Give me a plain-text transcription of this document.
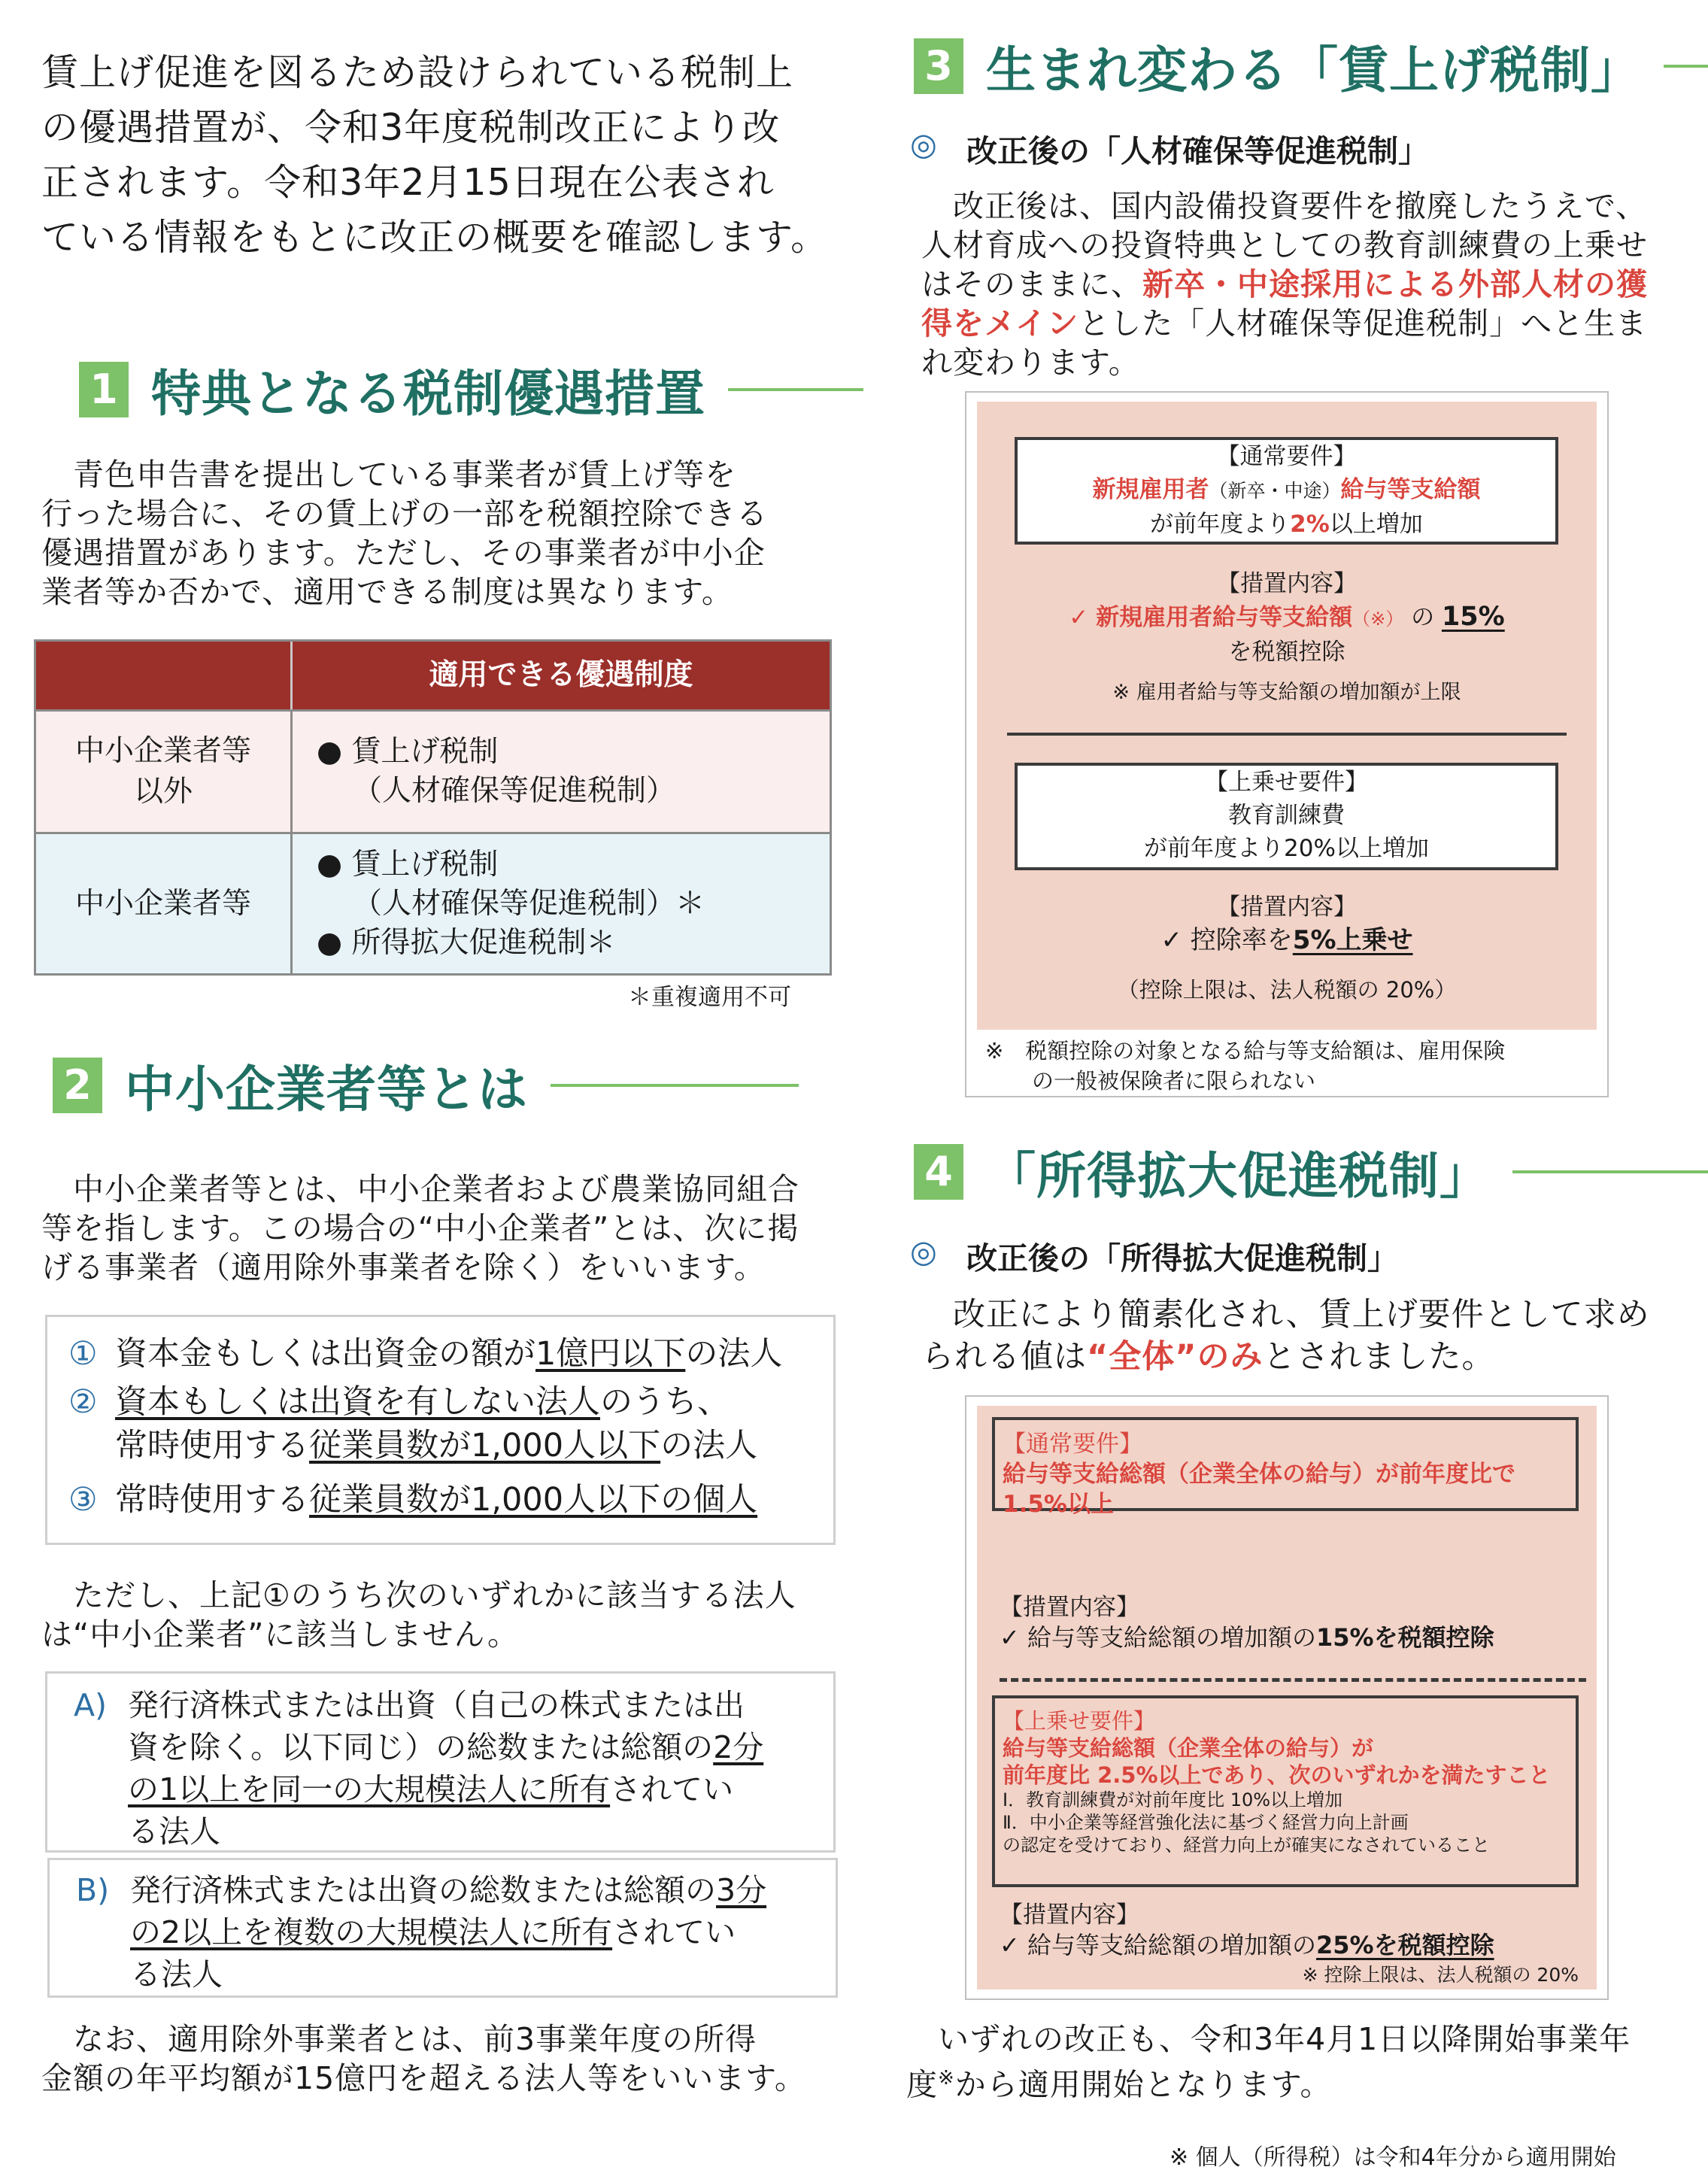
賃上げ促進を図るため設けられている税制上
の優遇措置が、令和3年度税制改正により改
正されます。令和3年2月15日現在公表され
ている情報をもとに改正の概要を確認します。
1 特典となる税制優遇措置
青色申告書を提出している事業者が賃上げ等を
行った場合に、その賃上げの一部を税額控除できる
優遇措置があります。ただし、その事業者が中小企
業者等か否かで、適用できる制度は異なります。
適用できる優遇制度
中小企業者等
以外
● 賃上げ税制
（人材確保等促進税制）
中小企業者等
● 賃上げ税制
（人材確保等促進税制）＊
● 所得拡大促進税制＊
＊重複適用不可
2 中小企業者等とは
中小企業者等とは、中小企業者および農業協同組合
等を指します。この場合の“中小企業者”とは、次に掲
げる事業者（適用除外事業者を除く）をいいます。
① 資本金もしくは出資金の額が1億円以下の法人
② 資本もしくは出資を有しない法人のうち、
常時使用する従業員数が1,000人以下の法人
③ 常時使用する従業員数が1,000人以下の個人
ただし、上記①のうち次のいずれかに該当する法人
は“中小企業者”に該当しません。
A) 発行済株式または出資（自己の株式または出
資を除く。以下同じ）の総数または総額の2分
の1以上を同一の大規模法人に所有されてい
る法人
B) 発行済株式または出資の総数または総額の3分
の2以上を複数の大規模法人に所有されてい
る法人
なお、適用除外事業者とは、前3事業年度の所得
金額の年平均額が15億円を超える法人等をいいます。
3 生まれ変わる「賃上げ税制」
◎ 改正後の「人材確保等促進税制」
改正後は、国内設備投資要件を撤廃したうえで、
人材育成への投資特典としての教育訓練費の上乗せ
はそのままに、新卒・中途採用による外部人材の獲
得をメインとした「人材確保等促進税制」へと生ま
れ変わります。
【通常要件】
新規雇用者（新卒・中途）給与等支給額
が前年度より2%以上増加
【措置内容】
✓ 新規雇用者給与等支給額（※） の 15%
を税額控除
※ 雇用者給与等支給額の増加額が上限
【上乗せ要件】
教育訓練費
が前年度より20%以上増加
【措置内容】
✓ 控除率を5%上乗せ
（控除上限は、法人税額の 20%）
※　税額控除の対象となる給与等支給額は、雇用保険
の一般被保険者に限られない
4 「所得拡大促進税制」
◎ 改正後の「所得拡大促進税制」
改正により簡素化され、賃上げ要件として求め
られる値は“全体”のみとされました。
【通常要件】
給与等支給総額（企業全体の給与）が前年度比で
1.5%以上
【措置内容】
✓ 給与等支給総額の増加額の15%を税額控除
【上乗せ要件】
給与等支給総額（企業全体の給与）が
前年度比 2.5%以上であり、次のいずれかを満たすこと
Ⅰ．教育訓練費が対前年度比 10%以上増加
Ⅱ．中小企業等経営強化法に基づく経営力向上計画
の認定を受けており、経営力向上が確実になされていること
【措置内容】
✓ 給与等支給総額の増加額の25%を税額控除
※ 控除上限は、法人税額の 20%
いずれの改正も、令和3年4月1日以降開始事業年
度※から適用開始となります。
※ 個人（所得税）は令和4年分から適用開始
